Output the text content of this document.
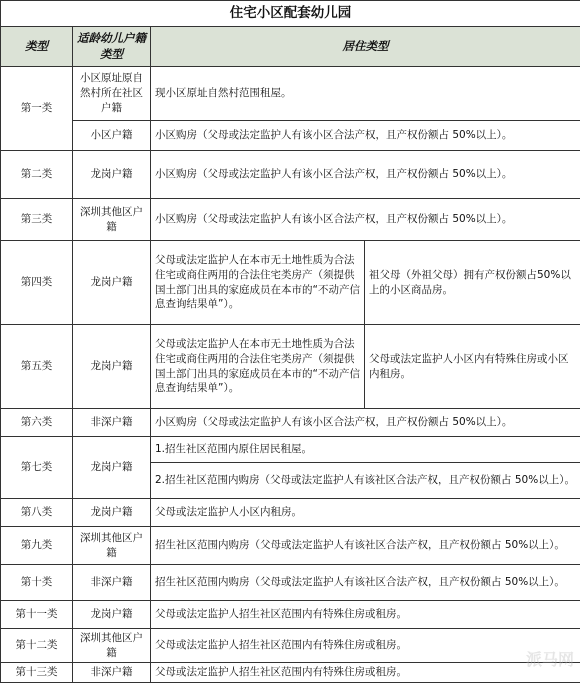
住宅小区配套幼儿园			
类型	适龄幼儿户籍类型	居住类型	
第一类	小区原址原自然村所在社区户籍	现小区原址自然村范围租屋。	
	小区户籍	小区购房（父母或法定监护人有该小区合法产权，且产权份额占 50%以上）。	
第二类	龙岗户籍	小区购房（父母或法定监护人有该小区合法产权，且产权份额占 50%以上）。	
第三类	深圳其他区户籍	小区购房（父母或法定监护人有该小区合法产权，且产权份额占 50%以上）。	
第四类	龙岗户籍	父母或法定监护人在本市无土地性质为合法住宅或商住两用的合法住宅类房产（须提供国土部门出具的家庭成员在本市的“不动产信息查询结果单”）。	祖父母（外祖父母）拥有产权份额占50%以上的小区商品房。
第五类	龙岗户籍	父母或法定监护人在本市无土地性质为合法住宅或商住两用的合法住宅类房产（须提供国土部门出具的家庭成员在本市的“不动产信息查询结果单”）。	父母或法定监护人小区内有特殊住房或小区内租房。
第六类	非深户籍	小区购房（父母或法定监护人有该小区合法产权，且产权份额占 50%以上）。	
第七类	龙岗户籍	1.招生社区范围内原住居民租屋。	
		2.招生社区范围内购房（父母或法定监护人有该社区合法产权，且产权份额占 50%以上）。	
第八类	龙岗户籍	父母或法定监护人小区内租房。	
第九类	深圳其他区户籍	招生社区范围内购房（父母或法定监护人有该社区合法产权，且产权份额占 50%以上）。	
第十类	非深户籍	招生社区范围内购房（父母或法定监护人有该社区合法产权，且产权份额占 50%以上）。	
第十一类	龙岗户籍	父母或法定监护人招生社区范围内有特殊住房或租房。	
第十二类	深圳其他区户籍	父母或法定监护人招生社区范围内有特殊住房或租房。	
第十三类	非深户籍	父母或法定监护人招生社区范围内有特殊住房或租房。	
派马网
